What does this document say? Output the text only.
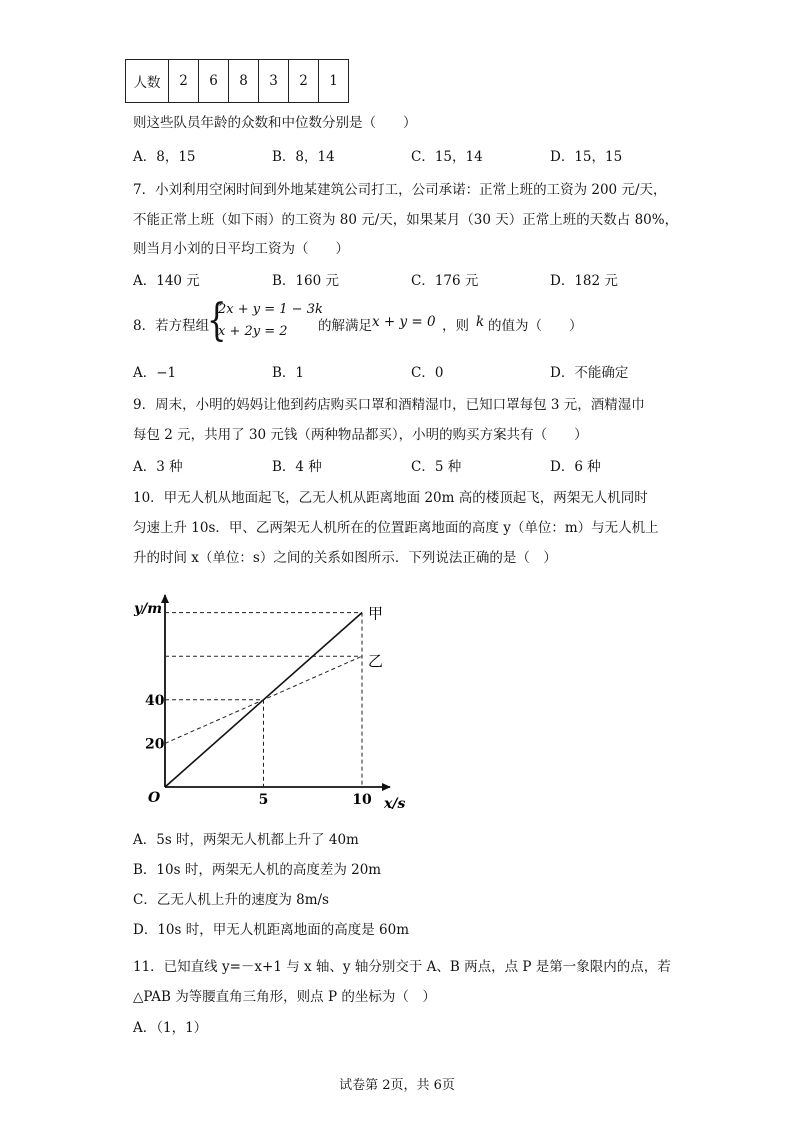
人数	2	6	8	3	2	1
则这些队员年龄的众数和中位数分别是（　　）
A．8，15	B．8，14	C．15，14	D．15，15
7．小刘利用空闲时间到外地某建筑公司打工，公司承诺：正常上班的工资为 200 元/天，
不能正常上班（如下雨）的工资为 80 元/天，如果某月（30 天）正常上班的天数占 80%，
则当月小刘的日平均工资为（　　）
A．140 元	B．160 元	C．176 元	D．182 元
8．若方程组
{
2x + y = 1 − 3k
x + 2y = 2 的解满足 x + y = 0 ，则 k 的值为（　　）
A．−1	B．1	C．0	D．不能确定
9．周末，小明的妈妈让他到药店购买口罩和酒精湿巾，已知口罩每包 3 元，酒精湿巾
每包 2 元，共用了 30 元钱（两种物品都买），小明的购买方案共有（　　）
A．3 种	B．4 种	C．5 种	D．6 种
10．甲无人机从地面起飞，乙无人机从距离地面 20m 高的楼顶起飞，两架无人机同时
匀速上升 10s．甲、乙两架无人机所在的位置距离地面的高度 y（单位：m）与无人机上
升的时间 x（单位：s）之间的关系如图所示．下列说法正确的是（　）
y/m
x/s
O
甲
乙
20
40
5	10
A．5s 时，两架无人机都上升了 40m
B．10s 时，两架无人机的高度差为 20m
C．乙无人机上升的速度为 8m/s
D．10s 时，甲无人机距离地面的高度是 60m
11．已知直线 y=－x+1 与 x 轴、y 轴分别交于 A、B 两点，点 P 是第一象限内的点，若
△PAB 为等腰直角三角形，则点 P 的坐标为（　）
A．（1，1）
试卷第 2页，共 6页
